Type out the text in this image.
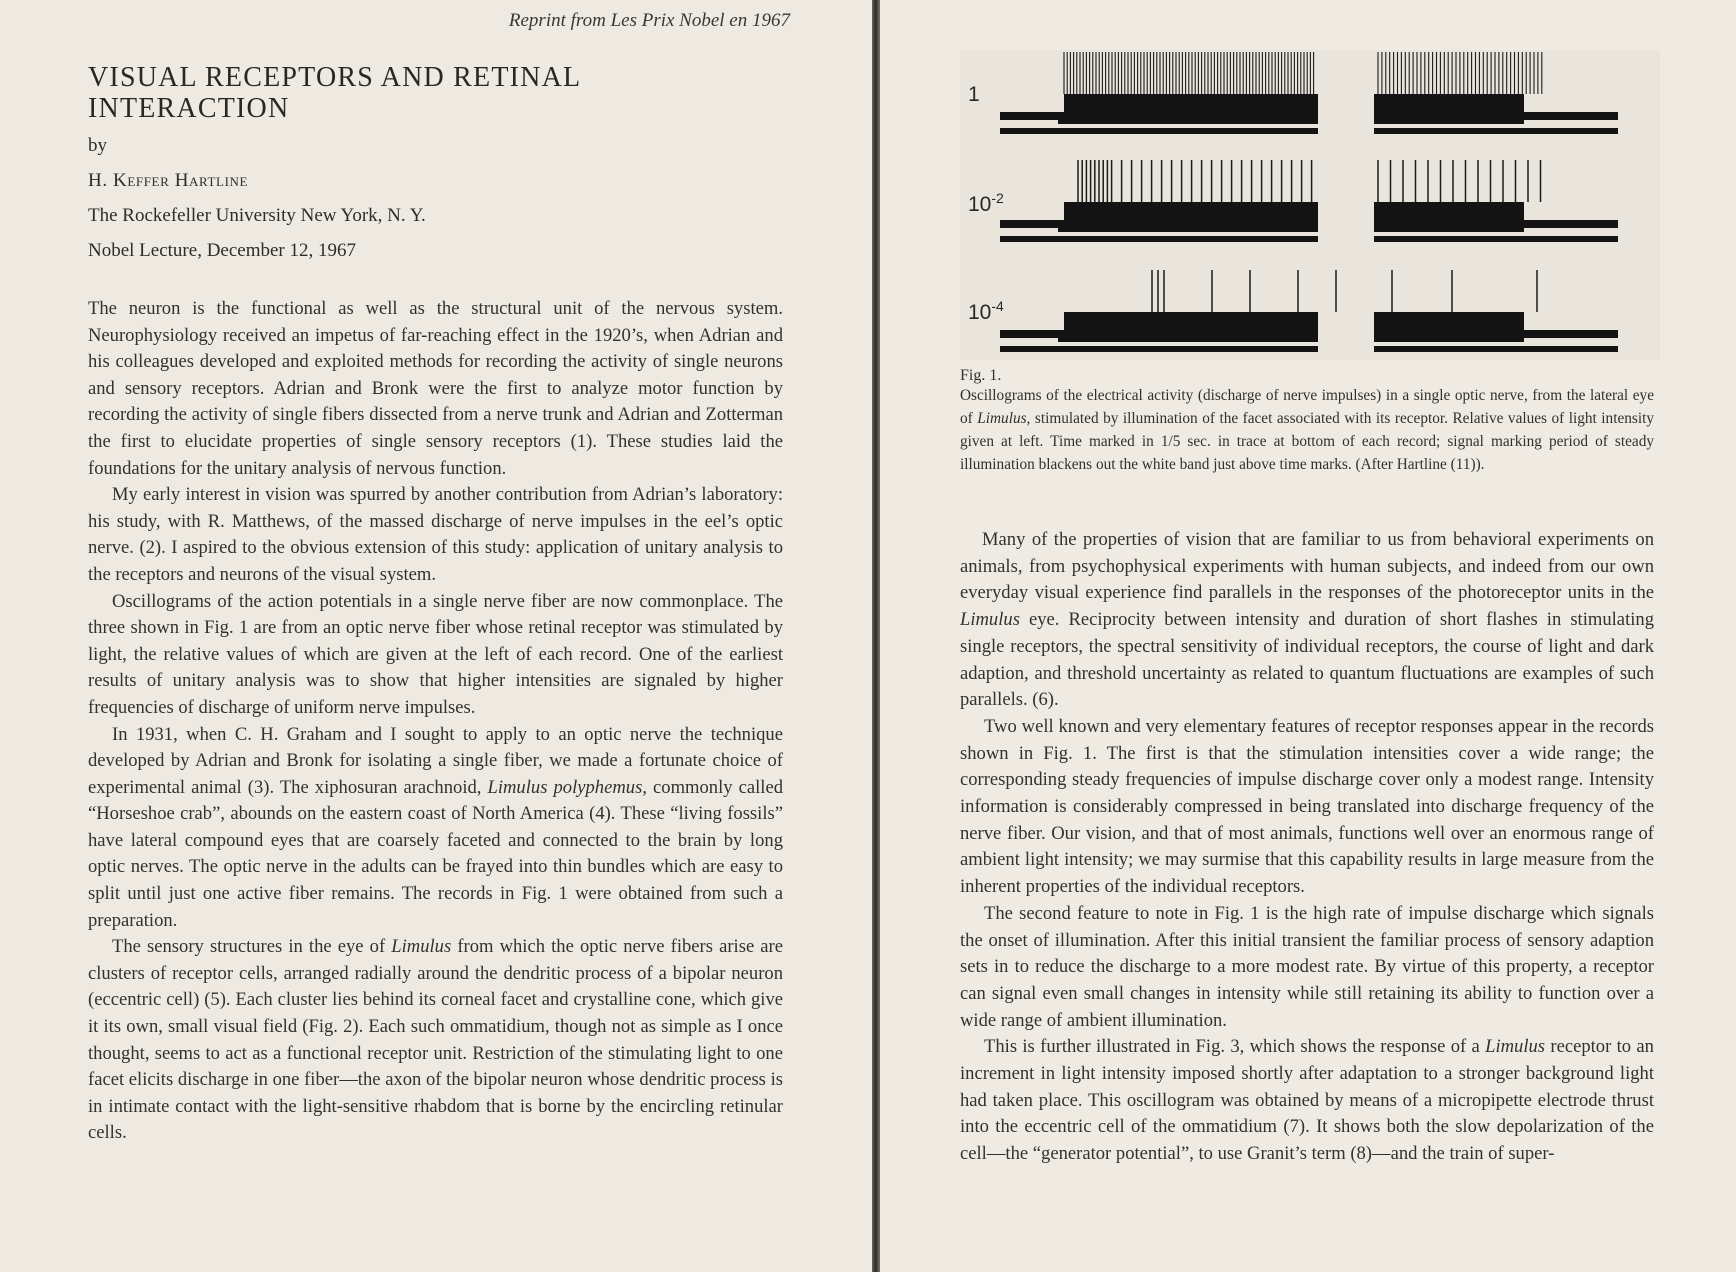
Reprint from Les Prix Nobel en 1967
VISUAL RECEPTORS AND RETINAL
INTERACTION
by
H. Keffer Hartline
The Rockefeller University New York, N. Y.
Nobel Lecture, December 12, 1967

The neuron is the functional as well as the structural unit of the nervous system. Neurophysiology received an impetus of far-reaching effect in the 1920’s, when Adrian and his colleagues developed and exploited methods for recording the activity of single neurons and sensory receptors. Adrian and Bronk were the first to analyze motor function by recording the activity of single fibers dissected from a nerve trunk and Adrian and Zotterman the first to elucidate properties of single sensory receptors (1). These studies laid the foundations for the unitary analysis of nervous function.

My early interest in vision was spurred by another contribution from Adrian’s laboratory: his study, with R. Matthews, of the massed discharge of nerve impulses in the eel’s optic nerve. (2). I aspired to the obvious extension of this study: application of unitary analysis to the receptors and neurons of the visual system.

Oscillograms of the action potentials in a single nerve fiber are now commonplace. The three shown in Fig. 1 are from an optic nerve fiber whose retinal receptor was stimulated by light, the relative values of which are given at the left of each record. One of the earliest results of unitary analysis was to show that higher intensities are signaled by higher frequencies of discharge of uniform nerve impulses.

In 1931, when C. H. Graham and I sought to apply to an optic nerve the technique developed by Adrian and Bronk for isolating a single fiber, we made a fortunate choice of experimental animal (3). The xiphosuran arachnoid, Limulus polyphemus, commonly called “Horseshoe crab”, abounds on the eastern coast of North America (4). These “living fossils” have lateral compound eyes that are coarsely faceted and connected to the brain by long optic nerves. The optic nerve in the adults can be frayed into thin bundles which are easy to split until just one active fiber remains. The records in Fig. 1 were obtained from such a preparation.

The sensory structures in the eye of Limulus from which the optic nerve fibers arise are clusters of receptor cells, arranged radially around the dendritic process of a bipolar neuron (eccentric cell) (5). Each cluster lies behind its corneal facet and crystalline cone, which give it its own, small visual field (Fig. 2). Each such ommatidium, though not as simple as I once thought, seems to act as a functional receptor unit. Restriction of the stimulating light to one facet elicits discharge in one fiber—the axon of the bipolar neuron whose dendritic process is in intimate contact with the light-sensitive rhabdom that is borne by the encircling retinular cells.

1
$10^{-2}$
$10^{-4}$
Fig. 1.
Oscillograms of the electrical activity (discharge of nerve impulses) in a single optic nerve, from the lateral eye of Limulus, stimulated by illumination of the facet associated with its receptor. Relative values of light intensity given at left. Time marked in 1/5 sec. in trace at bottom of each record; signal marking period of steady illumination blackens out the white band just above time marks. (After Hartline (11)).

Many of the properties of vision that are familiar to us from behavioral experiments on animals, from psychophysical experiments with human subjects, and indeed from our own everyday visual experience find parallels in the responses of the photoreceptor units in the Limulus eye. Reciprocity between intensity and duration of short flashes in stimulating single receptors, the spectral sensitivity of individual receptors, the course of light and dark adaption, and threshold uncertainty as related to quantum fluctuations are examples of such parallels. (6).

Two well known and very elementary features of receptor responses appear in the records shown in Fig. 1. The first is that the stimulation intensities cover a wide range; the corresponding steady frequencies of impulse discharge cover only a modest range. Intensity information is considerably compressed in being translated into discharge frequency of the nerve fiber. Our vision, and that of most animals, functions well over an enormous range of ambient light intensity; we may surmise that this capability results in large measure from the inherent properties of the individual receptors.

The second feature to note in Fig. 1 is the high rate of impulse discharge which signals the onset of illumination. After this initial transient the familiar process of sensory adaption sets in to reduce the discharge to a more modest rate. By virtue of this property, a receptor can signal even small changes in intensity while still retaining its ability to function over a wide range of ambient illumination.

This is further illustrated in Fig. 3, which shows the response of a Limulus receptor to an increment in light intensity imposed shortly after adaptation to a stronger background light had taken place. This oscillogram was obtained by means of a micropipette electrode thrust into the eccentric cell of the ommatidium (7). It shows both the slow depolarization of the cell—the “generator potential”, to use Granit’s term (8)—and the train of super-
